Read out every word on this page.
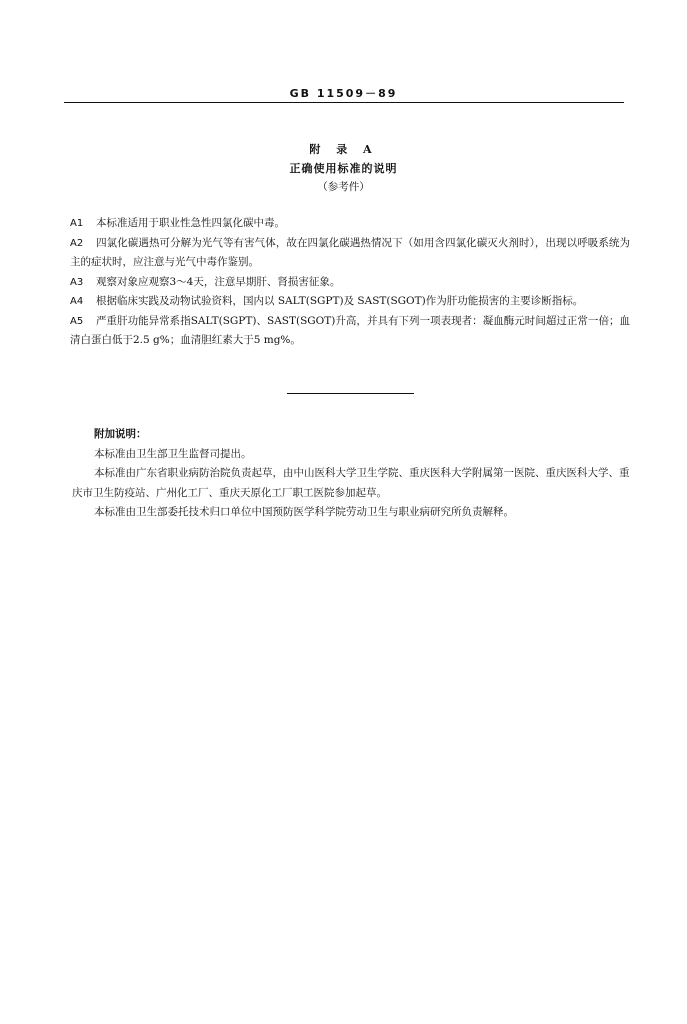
GB 11509－89
附 录 A
正确使用标准的说明
（参考件）
A1 本标准适用于职业性急性四氯化碳中毒。
A2 四氯化碳遇热可分解为光气等有害气体，故在四氯化碳遇热情况下（如用含四氯化碳灭火剂时），出现以呼吸系统为主的症状时，应注意与光气中毒作鉴别。
A3 观察对象应观察3～4天，注意早期肝、肾损害征象。
A4 根据临床实践及动物试验资料，国内以 SALT(SGPT)及 SAST(SGOT)作为肝功能损害的主要诊断指标。
A5 严重肝功能异常系指SALT(SGPT)、SAST(SGOT)升高，并具有下列一项表现者：凝血酶元时间超过正常一倍；血清白蛋白低于2.5 g%；血清胆红素大于5 mg%。
附加说明：
本标准由卫生部卫生监督司提出。
本标准由广东省职业病防治院负责起草，由中山医科大学卫生学院、重庆医科大学附属第一医院、重庆医科大学、重庆市卫生防疫站、广州化工厂、重庆天原化工厂职工医院参加起草。
本标准由卫生部委托技术归口单位中国预防医学科学院劳动卫生与职业病研究所负责解释。
